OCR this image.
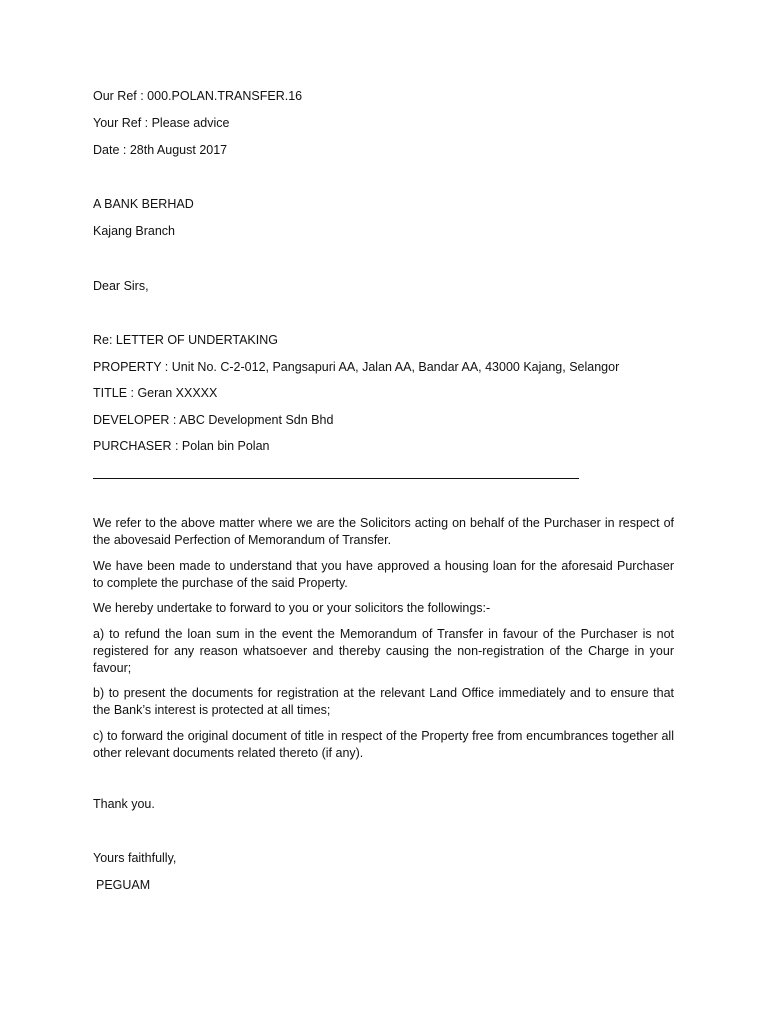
Our Ref : 000.POLAN.TRANSFER.16
Your Ref : Please advice
Date : 28th August 2017
A BANK BERHAD
Kajang Branch
Dear Sirs,
Re: LETTER OF UNDERTAKING
PROPERTY : Unit No. C-2-012, Pangsapuri AA, Jalan AA, Bandar AA, 43000 Kajang, Selangor
TITLE : Geran XXXXX
DEVELOPER : ABC Development Sdn Bhd
PURCHASER : Polan bin Polan
We refer to the above matter where we are the Solicitors acting on behalf of the Purchaser in respect of the abovesaid Perfection of Memorandum of Transfer.
We have been made to understand that you have approved a housing loan for the aforesaid Purchaser to complete the purchase of the said Property.
We hereby undertake to forward to you or your solicitors the followings:-
a) to refund the loan sum in the event the Memorandum of Transfer in favour of the Purchaser is not registered for any reason whatsoever and thereby causing the non-registration of the Charge in your favour;
b) to present the documents for registration at the relevant Land Office immediately and to ensure that the Bank’s interest is protected at all times;
c) to forward the original document of title in respect of the Property free from encumbrances together all other relevant documents related thereto (if any).
Thank you.
Yours faithfully,
PEGUAM
